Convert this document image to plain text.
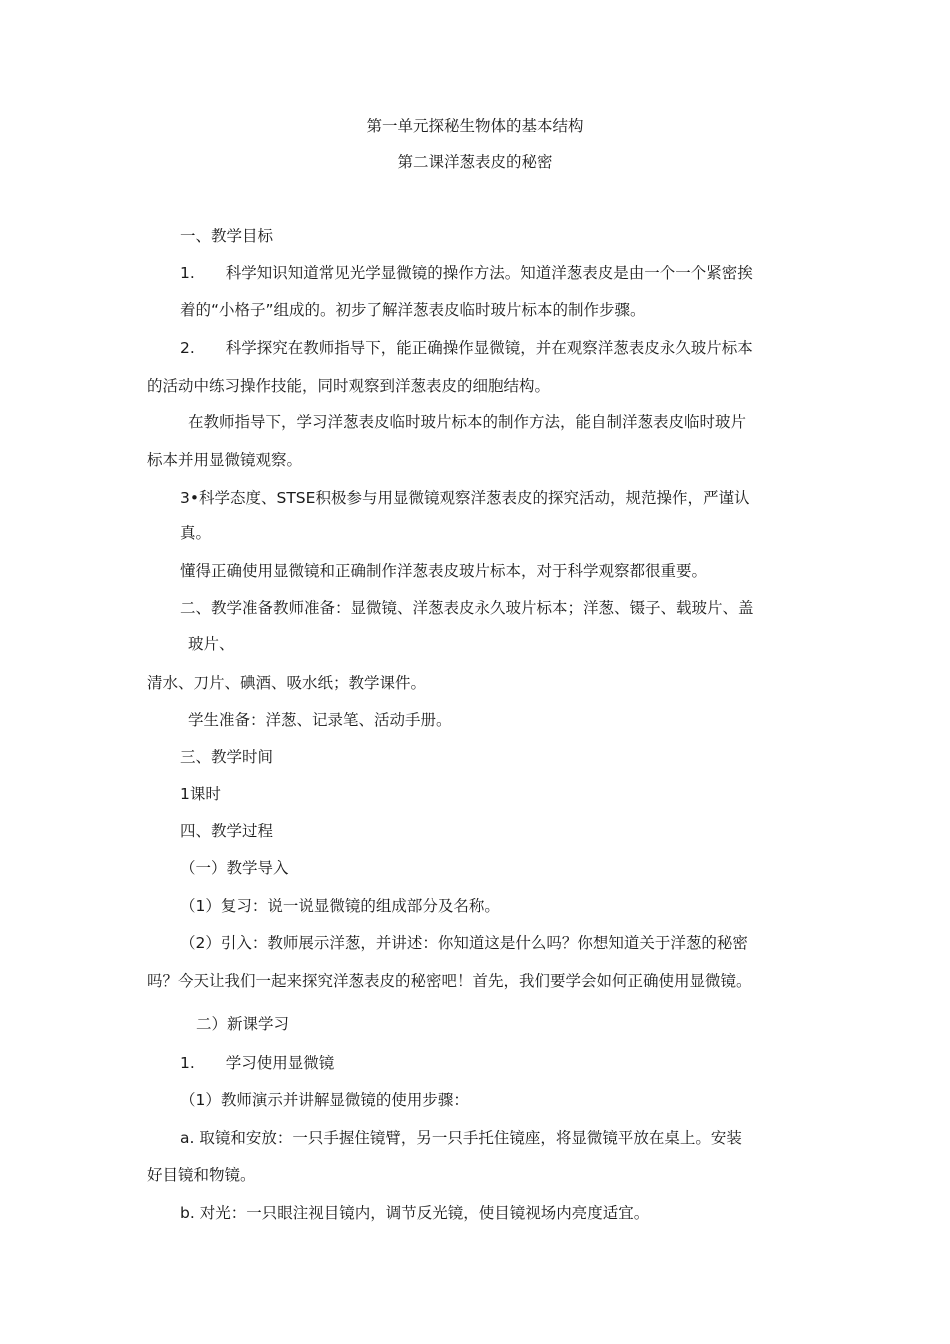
第一单元探秘生物体的基本结构
第二课洋葱表皮的秘密
一、教学目标
1.　　科学知识知道常见光学显微镜的操作方法。知道洋葱表皮是由一个一个紧密挨
着的“小格子”组成的。初步了解洋葱表皮临时玻片标本的制作步骤。
2.　　科学探究在教师指导下，能正确操作显微镜，并在观察洋葱表皮永久玻片标本
的活动中练习操作技能，同时观察到洋葱表皮的细胞结构。
在教师指导下，学习洋葱表皮临时玻片标本的制作方法，能自制洋葱表皮临时玻片
标本并用显微镜观察。
3•科学态度、STSE积极参与用显微镜观察洋葱表皮的探究活动，规范操作，严谨认
真。
懂得正确使用显微镜和正确制作洋葱表皮玻片标本，对于科学观察都很重要。
二、教学准备教师准备：显微镜、洋葱表皮永久玻片标本；洋葱、镊子、载玻片、盖
玻片、
清水、刀片、碘酒、吸水纸；教学课件。
学生准备：洋葱、记录笔、活动手册。
三、教学时间
1课时
四、教学过程
（一）教学导入
（1）复习：说一说显微镜的组成部分及名称。
（2）引入：教师展示洋葱，并讲述：你知道这是什么吗？你想知道关于洋葱的秘密
吗？今天让我们一起来探究洋葱表皮的秘密吧！首先，我们要学会如何正确使用显微镜。
二）新课学习
1.　　学习使用显微镜
（1）教师演示并讲解显微镜的使用步骤：
a. 取镜和安放：一只手握住镜臂，另一只手托住镜座，将显微镜平放在桌上。安装
好目镜和物镜。
b. 对光：一只眼注视目镜内，调节反光镜，使目镜视场内亮度适宜。
